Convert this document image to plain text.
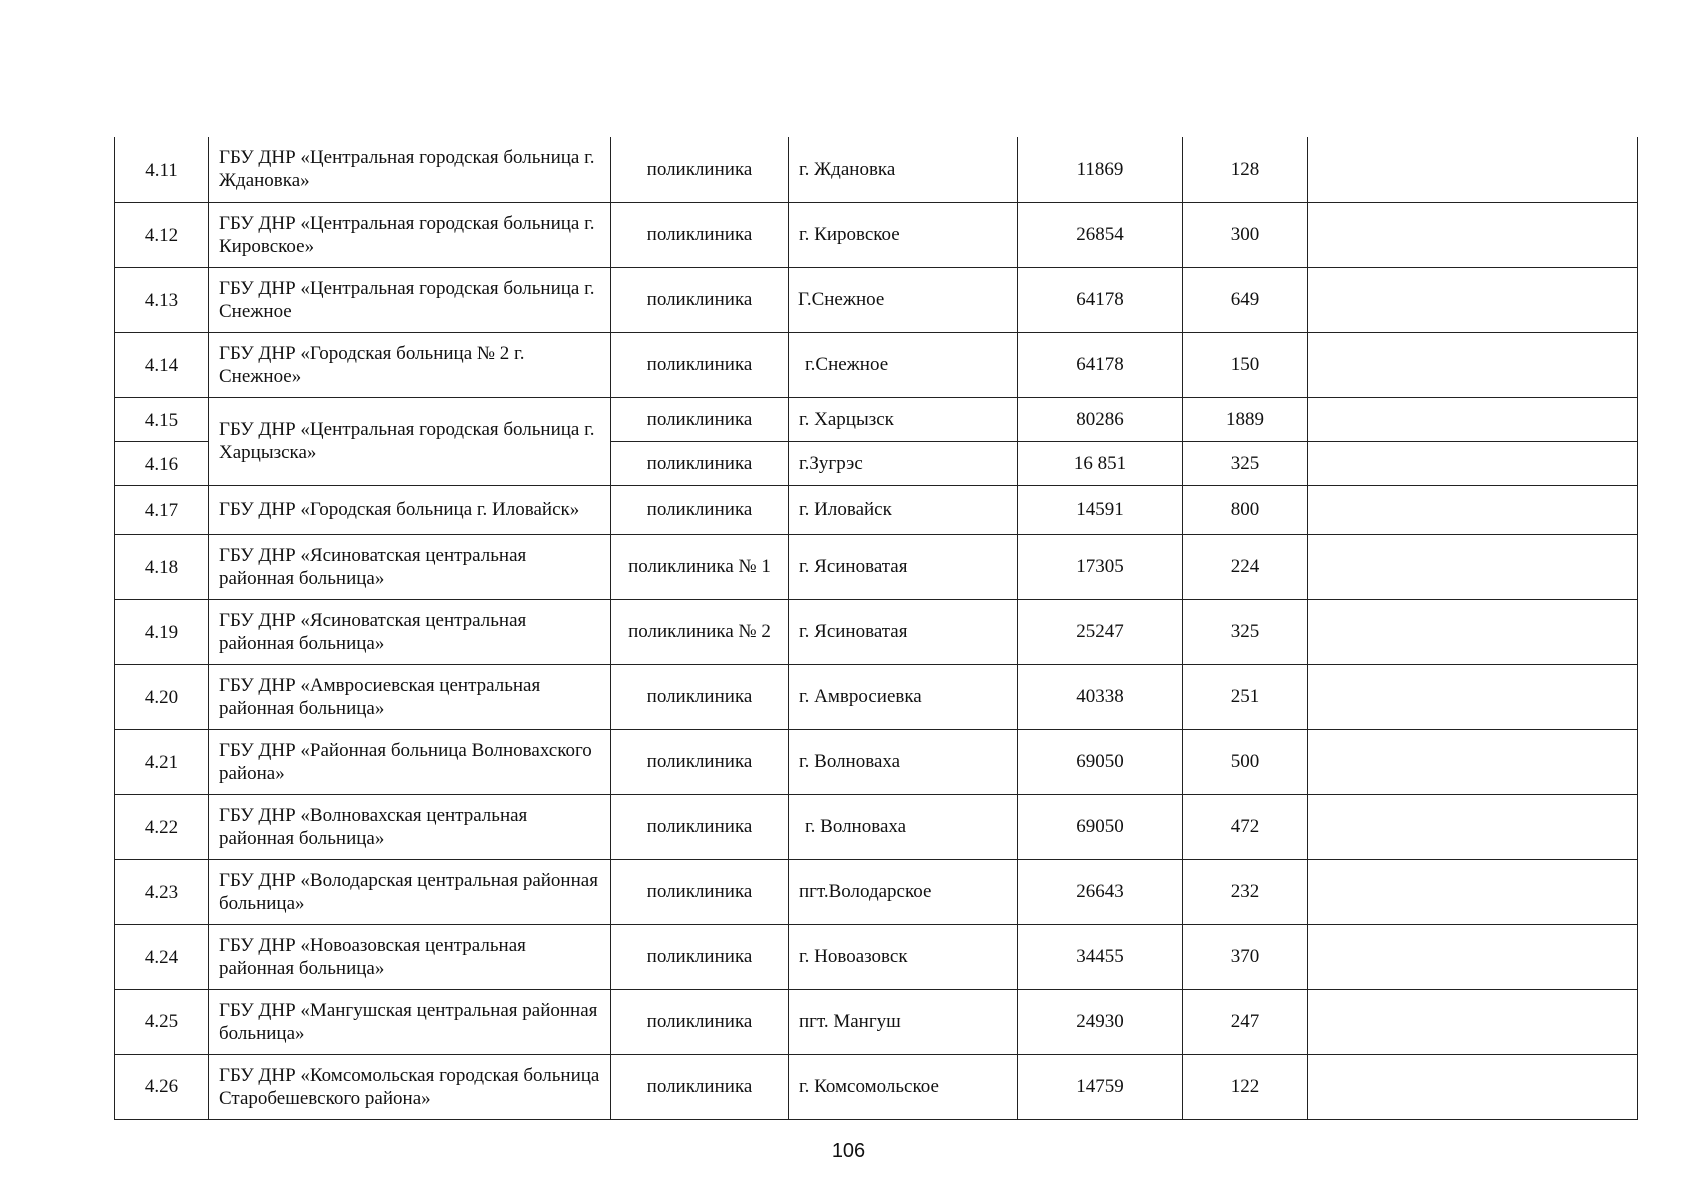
4.11	ГБУ ДНР «Центральная городская больница г. Ждановка»	поликлиника	г. Ждановка	11869	128	
4.12	ГБУ ДНР «Центральная городская больница г. Кировское»	поликлиника	г. Кировское	26854	300	
4.13	ГБУ ДНР «Центральная городская больница г. Снежное	поликлиника	Г.Снежное	64178	649	
4.14	ГБУ ДНР «Городская больница № 2 г. Снежное»	поликлиника	г.Снежное	64178	150	
4.15	ГБУ ДНР «Центральная городская больница г. Харцызска»	поликлиника	г. Харцызск	80286	1889	
4.16		поликлиника	г.Зугрэс	16 851	325	
4.17	ГБУ ДНР «Городская больница г. Иловайск»	поликлиника	г. Иловайск	14591	800	
4.18	ГБУ ДНР «Ясиноватская центральная районная больница»	поликлиника № 1	г. Ясиноватая	17305	224	
4.19	ГБУ ДНР «Ясиноватская центральная районная больница»	поликлиника № 2	г. Ясиноватая	25247	325	
4.20	ГБУ ДНР «Амвросиевская центральная районная больница»	поликлиника	г. Амвросиевка	40338	251	
4.21	ГБУ ДНР «Районная больница Волновахского района»	поликлиника	г. Волноваха	69050	500	
4.22	ГБУ ДНР «Волновахская центральная районная больница»	поликлиника	г. Волноваха	69050	472	
4.23	ГБУ ДНР «Володарская центральная районная больница»	поликлиника	пгт.Володарское	26643	232	
4.24	ГБУ ДНР «Новоазовская центральная районная больница»	поликлиника	г. Новоазовск	34455	370	
4.25	ГБУ ДНР «Мангушская центральная районная больница»	поликлиника	пгт. Мангуш	24930	247	
4.26	ГБУ ДНР «Комсомольская городская больница Старобешевского района»	поликлиника	г. Комсомольское	14759	122	
106
